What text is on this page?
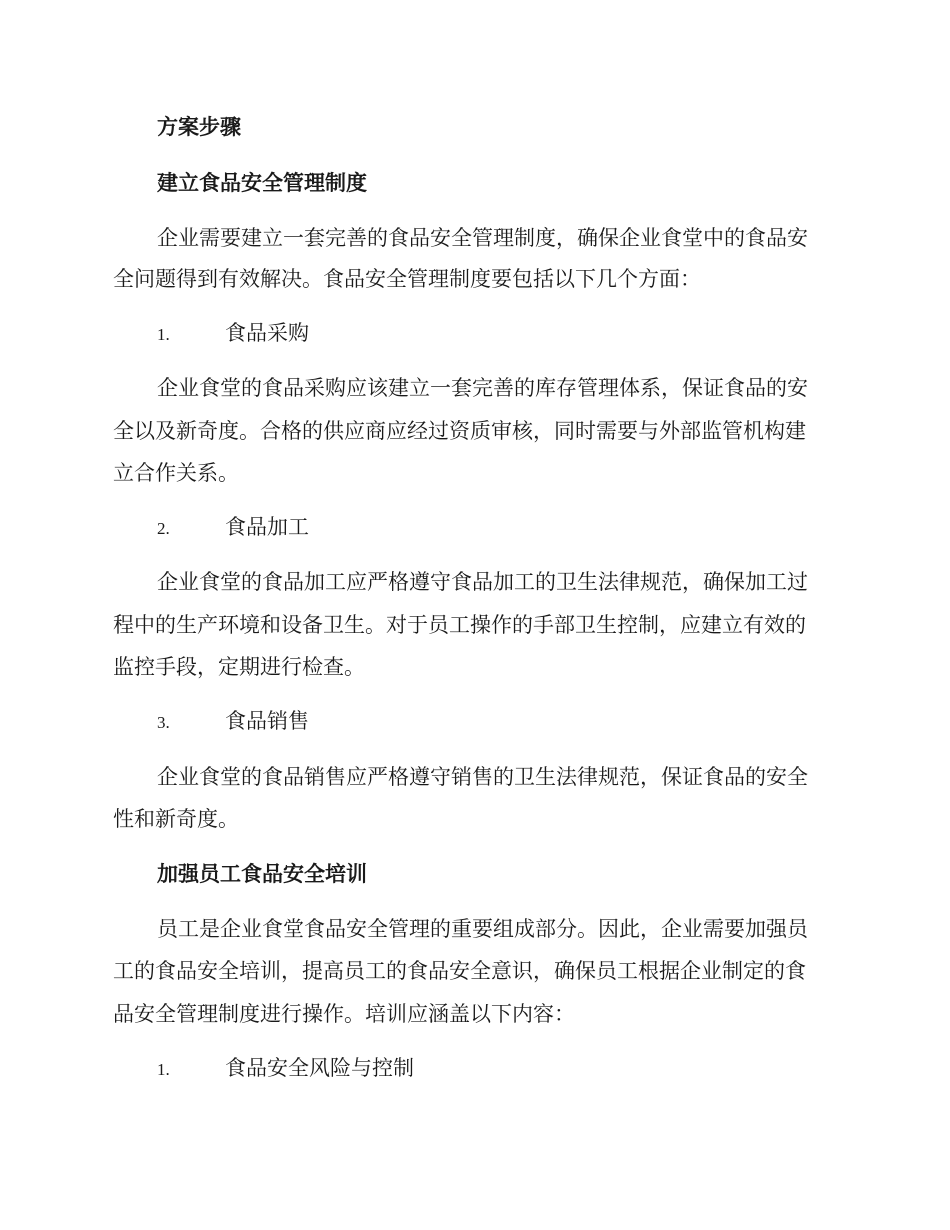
方案步骤
建立食品安全管理制度
企业需要建立一套完善的食品安全管理制度，确保企业食堂中的食品安
全问题得到有效解决。食品安全管理制度要包括以下几个方面：
1.	食品采购
企业食堂的食品采购应该建立一套完善的库存管理体系，保证食品的安
全以及新奇度。合格的供应商应经过资质审核，同时需要与外部监管机构建
立合作关系。
2.	食品加工
企业食堂的食品加工应严格遵守食品加工的卫生法律规范，确保加工过
程中的生产环境和设备卫生。对于员工操作的手部卫生控制，应建立有效的
监控手段，定期进行检查。
3.	食品销售
企业食堂的食品销售应严格遵守销售的卫生法律规范，保证食品的安全
性和新奇度。
加强员工食品安全培训
员工是企业食堂食品安全管理的重要组成部分。因此，企业需要加强员
工的食品安全培训，提高员工的食品安全意识，确保员工根据企业制定的食
品安全管理制度进行操作。培训应涵盖以下内容：
1.	食品安全风险与控制
